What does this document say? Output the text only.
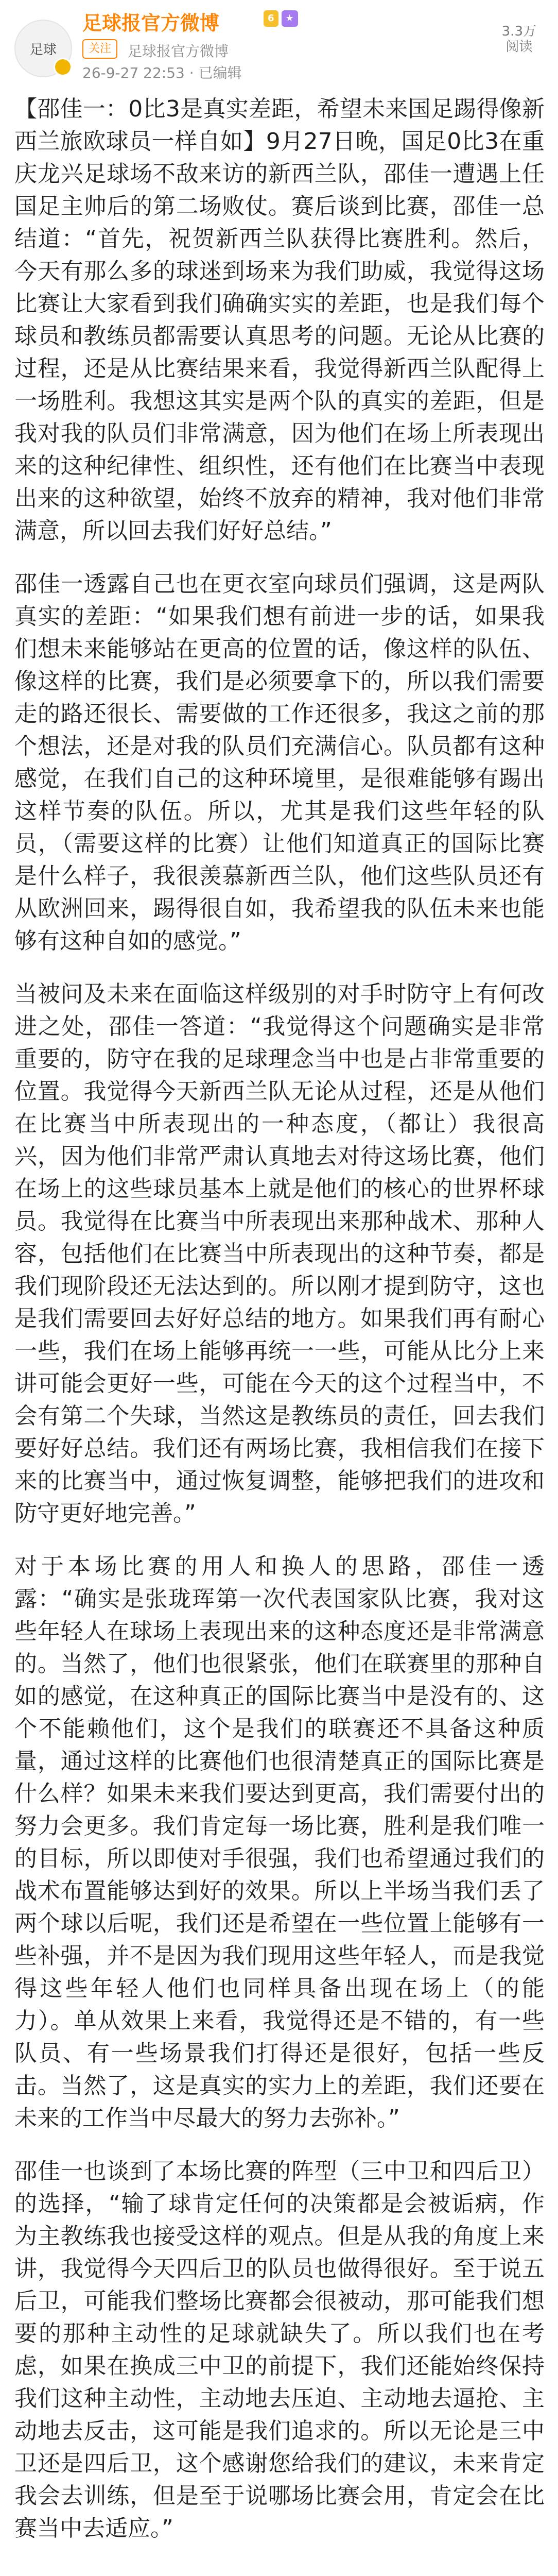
足球
足球报官方微博	6	★
关注	足球报官方微博
26-9-27 22:53 · 已编辑
3.3万
阅读

【邵佳一：0比3是真实差距，希望未来国足踢得像新西兰旅欧球员一样自如】9月27日晚，国足0比3在重庆龙兴足球场不敌来访的新西兰队，邵佳一遭遇上任国足主帅后的第二场败仗。赛后谈到比赛，邵佳一总结道：“首先，祝贺新西兰队获得比赛胜利。然后，今天有那么多的球迷到场来为我们助威，我觉得这场比赛让大家看到我们确确实实的差距，也是我们每个球员和教练员都需要认真思考的问题。无论从比赛的过程，还是从比赛结果来看，我觉得新西兰队配得上一场胜利。我想这其实是两个队的真实的差距，但是我对我的队员们非常满意，因为他们在场上所表现出来的这种纪律性、组织性，还有他们在比赛当中表现出来的这种欲望，始终不放弃的精神，我对他们非常满意，所以回去我们好好总结。”

邵佳一透露自己也在更衣室向球员们强调，这是两队真实的差距：“如果我们想有前进一步的话，如果我们想未来能够站在更高的位置的话，像这样的队伍、像这样的比赛，我们是必须要拿下的，所以我们需要走的路还很长、需要做的工作还很多，我这之前的那个想法，还是对我的队员们充满信心。队员都有这种感觉，在我们自己的这种环境里，是很难能够有踢出这样节奏的队伍。所以，尤其是我们这些年轻的队员，（需要这样的比赛）让他们知道真正的国际比赛是什么样子，我很羡慕新西兰队，他们这些队员还有从欧洲回来，踢得很自如，我希望我的队伍未来也能够有这种自如的感觉。”

当被问及未来在面临这样级别的对手时防守上有何改进之处，邵佳一答道：“我觉得这个问题确实是非常重要的，防守在我的足球理念当中也是占非常重要的位置。我觉得今天新西兰队无论从过程，还是从他们在比赛当中所表现出的一种态度，（都让）我很高兴，因为他们非常严肃认真地去对待这场比赛，他们在场上的这些球员基本上就是他们的核心的世界杯球员。我觉得在比赛当中所表现出来那种战术、那种人容，包括他们在比赛当中所表现出的这种节奏，都是我们现阶段还无法达到的。所以刚才提到防守，这也是我们需要回去好好总结的地方。如果我们再有耐心一些，我们在场上能够再统一一些，可能从比分上来讲可能会更好一些，可能在今天的这个过程当中，不会有第二个失球，当然这是教练员的责任，回去我们要好好总结。我们还有两场比赛，我相信我们在接下来的比赛当中，通过恢复调整，能够把我们的进攻和防守更好地完善。”

对于本场比赛的用人和换人的思路，邵佳一透露：“确实是张珑珲第一次代表国家队比赛，我对这些年轻人在球场上表现出来的这种态度还是非常满意的。当然了，他们也很紧张，他们在联赛里的那种自如的感觉，在这种真正的国际比赛当中是没有的、这个不能赖他们，这个是我们的联赛还不具备这种质量，通过这样的比赛他们也很清楚真正的国际比赛是什么样？如果未来我们要达到更高，我们需要付出的努力会更多。我们肯定每一场比赛，胜利是我们唯一的目标，所以即使对手很强，我们也希望通过我们的战术布置能够达到好的效果。所以上半场当我们丢了两个球以后呢，我们还是希望在一些位置上能够有一些补强，并不是因为我们现用这些年轻人，而是我觉得这些年轻人他们也同样具备出现在场上（的能力）。单从效果上来看，我觉得还是不错的，有一些队员、有一些场景我们打得还是很好，包括一些反击。当然了，这是真实的实力上的差距，我们还要在未来的工作当中尽最大的努力去弥补。”

邵佳一也谈到了本场比赛的阵型（三中卫和四后卫）的选择，“输了球肯定任何的决策都是会被诟病，作为主教练我也接受这样的观点。但是从我的角度上来讲，我觉得今天四后卫的队员也做得很好。至于说五后卫，可能我们整场比赛都会很被动，那可能我们想要的那种主动性的足球就缺失了。所以我们也在考虑，如果在换成三中卫的前提下，我们还能始终保持我们这种主动性，主动地去压迫、主动地去逼抢、主动地去反击，这可能是我们追求的。所以无论是三中卫还是四后卫，这个感谢您给我们的建议，未来肯定我会去训练，但是至于说哪场比赛会用，肯定会在比赛当中去适应。”
